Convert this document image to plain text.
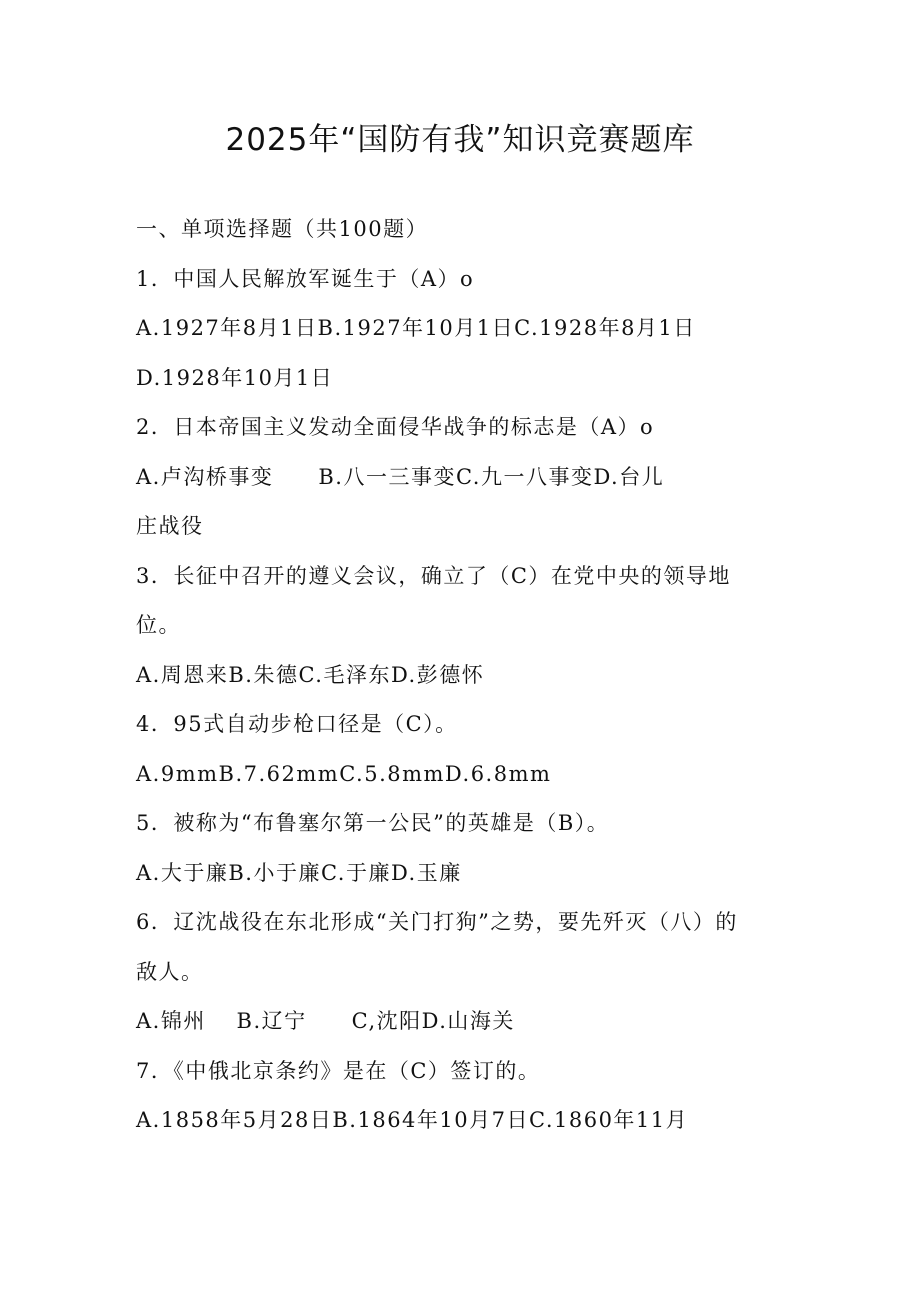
2025年“国防有我”知识竞赛题库
一、单项选择题（共100题）
1．中国人民解放军诞生于（A）o
A.1927年8月1日B.1927年10月1日C.1928年8月1日
D.1928年10月1日
2．日本帝国主义发动全面侵华战争的标志是（A）o
A.卢沟桥事变　　B.八一三事变C.九一八事变D.台儿
庄战役
3．长征中召开的遵义会议，确立了（C）在党中央的领导地
位。
A.周恩来B.朱德C.毛泽东D.彭德怀
4．95式自动步枪口径是（C）。
A.9mmB.7.62mmC.5.8mmD.6.8mm
5．被称为“布鲁塞尔第一公民”的英雄是（B）。
A.大于廉B.小于廉C.于廉D.玉廉
6．辽沈战役在东北形成“关门打狗”之势，要先歼灭（八）的
敌人。
A.锦州　 B.辽宁　　C,沈阳D.山海关
7．《中俄北京条约》是在（C）签订的。
A.1858年5月28日B.1864年10月7日C.1860年11月
